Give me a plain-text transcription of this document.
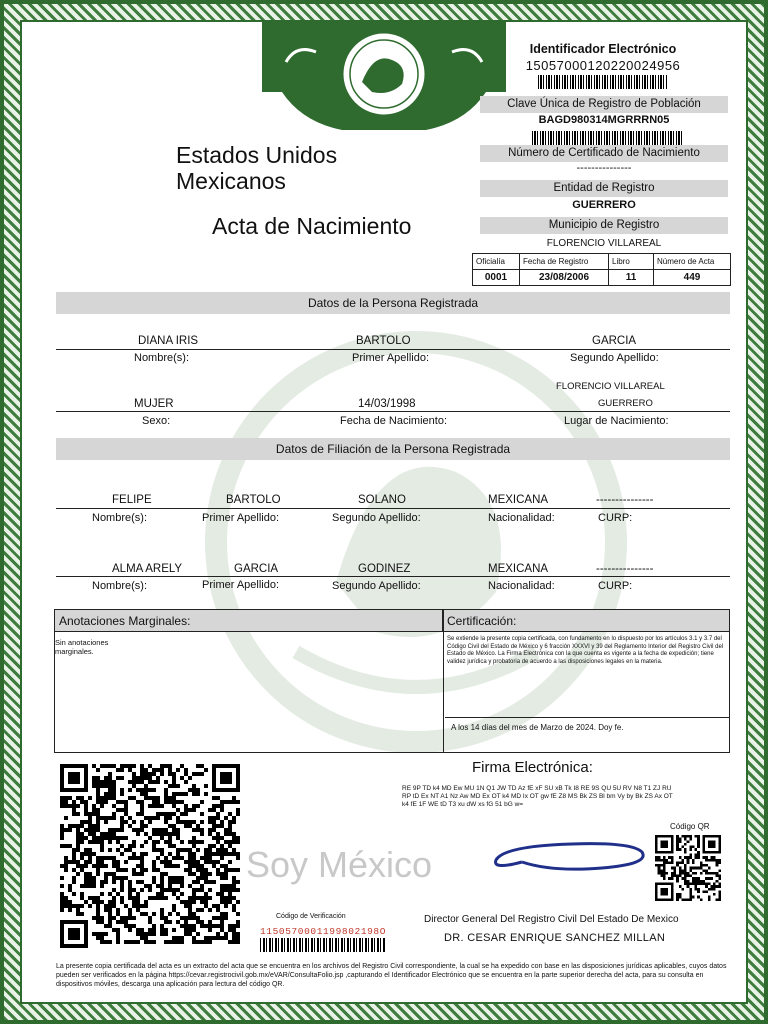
Estados Unidos
Mexicanos
Acta de Nacimiento
Identificador Electrónico
15057000120220024956
Clave Única de Registro de Población
BAGD980314MGRRRN05
Número de Certificado de Nacimiento
---------------
Entidad de Registro
GUERRERO
Municipio de Registro
FLORENCIO VILLAREAL
Oficialía	Fecha de Registro	Libro	Número de Acta
0001	23/08/2006	11	449
Datos de la Persona Registrada
DIANA IRIS	BARTOLO	GARCIA
Nombre(s):	Primer Apellido:	Segundo Apellido:
FLORENCIO VILLAREAL
MUJER	14/03/1998	GUERRERO
Sexo:	Fecha de Nacimiento:	Lugar de Nacimiento:
Datos de Filiación de la Persona Registrada
FELIPE	BARTOLO	SOLANO	MEXICANA	---------------
Nombre(s):	Primer Apellido:	Segundo Apellido:	Nacionalidad:	CURP:
ALMA ARELY	GARCIA	GODINEZ	MEXICANA	---------------
Nombre(s):	Primer Apellido:	Segundo Apellido:	Nacionalidad:	CURP:
Anotaciones Marginales:	Certificación:
Sin anotaciones marginales.
Se extiende la presente copia certificada, con fundamento en lo dispuesto por los artículos 3.1 y 3.7 del Código Civil del Estado de México y 6 fracción XXXVI y 39 del Reglamento Interior del Registro Civil del Estado de México. La Firma Electrónica con la que cuenta es vigente a la fecha de expedición; tiene validez jurídica y probatoria de acuerdo a las disposiciones legales en la materia.
A los 14 días del mes de Marzo de 2024. Doy fe.
Soy México
Firma Electrónica:
RE 9P TD k4 MD Ew MU 1N Q1 JW TD Az fE xF SU xB Tk I8 RE 9S QU 5U RV N8 T1 ZJ RU RP tD Ex NT A1 Nz Aw MD Ex OT k4 MD Ix OT gw fE Z8 MS Bk ZS Bl bm Vy by Bk ZS Ax OT k4 fE 1F WE tD T3 xu dW xs fG 51 bG w=
Código QR
Código de Verificación
1150570001199802198O
Director General Del Registro Civil Del Estado De Mexico
DR. CESAR ENRIQUE SANCHEZ MILLAN
La presente copia certificada del acta es un extracto del acta que se encuentra en los archivos del Registro Civil correspondiente, la cual se ha expedido con base en las disposiciones jurídicas aplicables, cuyos datos pueden ser verificados en la página https://cevar.registrocivil.gob.mx/eVAR/ConsultaFolio.jsp ,capturando el Identificador Electrónico que se encuentra en la parte superior derecha del acta, para su consulta en dispositivos móviles, descarga una aplicación para lectura del código QR.
